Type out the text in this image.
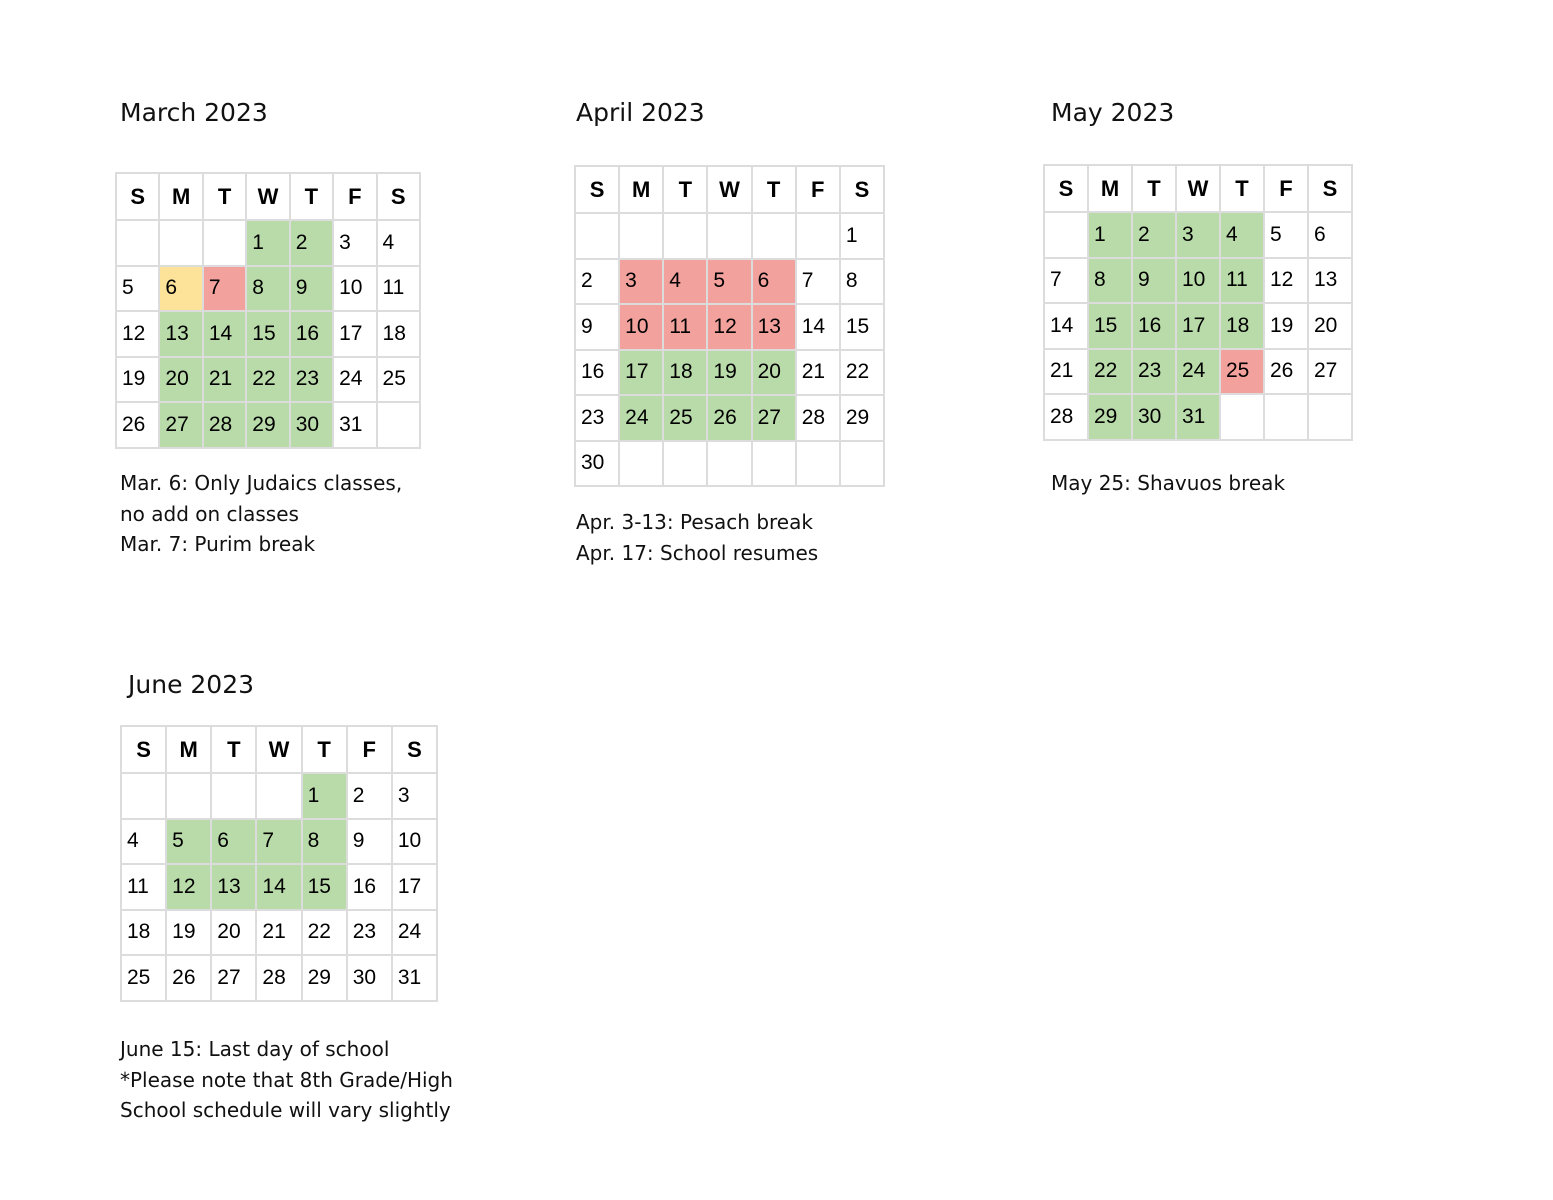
March 2023
S	M	T	W	T	F	S
			1	2	3	4
5	6	7	8	9	10	11
12	13	14	15	16	17	18
19	20	21	22	23	24	25
26	27	28	29	30	31	
Mar. 6: Only Judaics classes,
no add on classes
Mar. 7: Purim break
April 2023
S	M	T	W	T	F	S
						1
2	3	4	5	6	7	8
9	10	11	12	13	14	15
16	17	18	19	20	21	22
23	24	25	26	27	28	29
30						
Apr. 3-13: Pesach break
Apr. 17: School resumes
May 2023
S	M	T	W	T	F	S
	1	2	3	4	5	6
7	8	9	10	11	12	13
14	15	16	17	18	19	20
21	22	23	24	25	26	27
28	29	30	31			
May 25: Shavuos break
June 2023
S	M	T	W	T	F	S
				1	2	3
4	5	6	7	8	9	10
11	12	13	14	15	16	17
18	19	20	21	22	23	24
25	26	27	28	29	30	31
June 15: Last day of school
*Please note that 8th Grade/High
School schedule will vary slightly
